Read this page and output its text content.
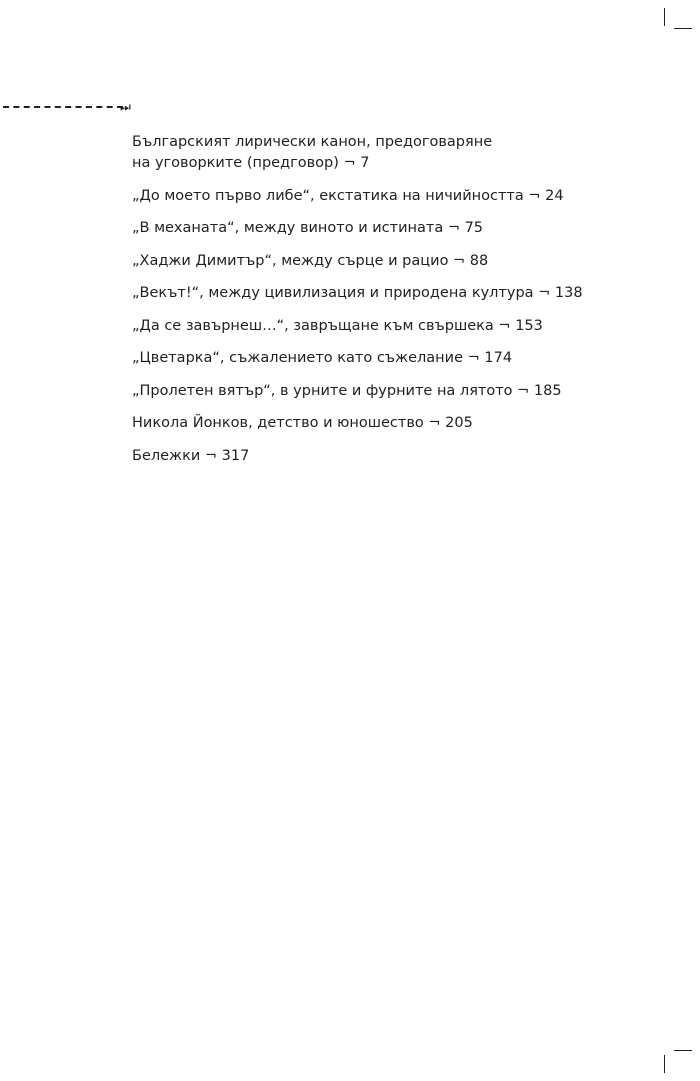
⏭
Българският лирически канон, предоговаряне
на уговорките (предговор) ¬ 7
„До моето първо либе“, екстатика на ничийността ¬ 24
„В механата“, между виното и истината ¬ 75
„Хаджи Димитър“, между сърце и рацио ¬ 88
„Векът!“, между цивилизация и природена култура ¬ 138
„Да се завърнеш…“, завръщане към свършека ¬ 153
„Цветарка“, съжалението като съжелание ¬ 174
„Пролетен вятър“, в урните и фурните на лятото ¬ 185
Никола Йонков, детство и юношество ¬ 205
Бележки ¬ 317
